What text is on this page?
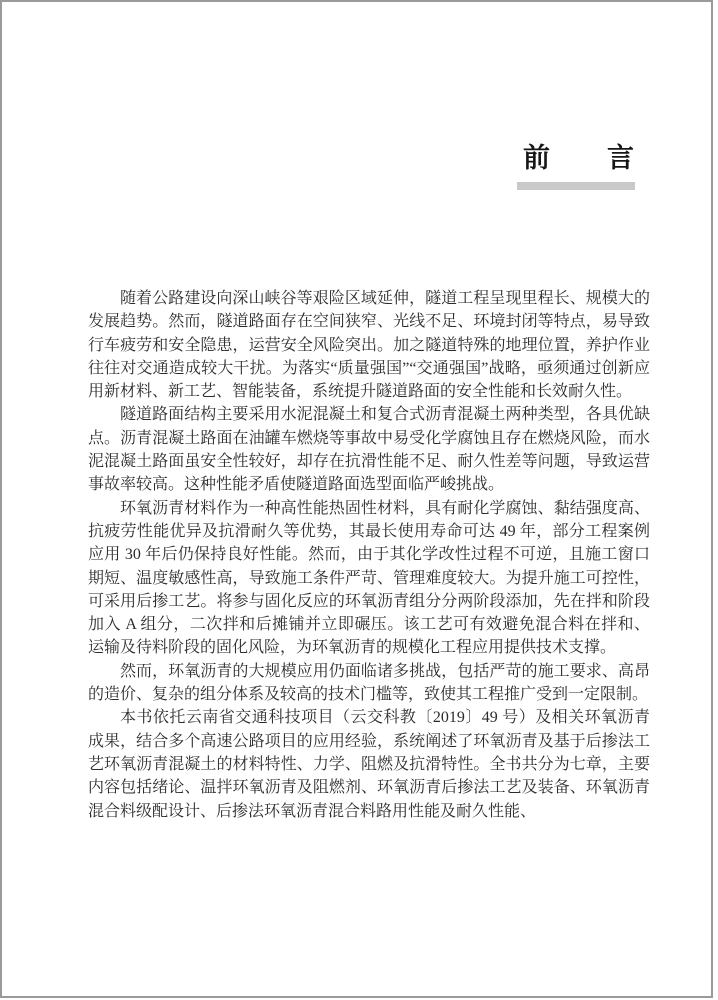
前　　言

随着公路建设向深山峡谷等艰险区域延伸，隧道工程呈现里程长、规模大的发展趋势。然而，隧道路面存在空间狭窄、光线不足、环境封闭等特点，易导致行车疲劳和安全隐患，运营安全风险突出。加之隧道特殊的地理位置，养护作业往往对交通造成较大干扰。为落实“质量强国”“交通强国”战略，亟须通过创新应用新材料、新工艺、智能装备，系统提升隧道路面的安全性能和长效耐久性。

隧道路面结构主要采用水泥混凝土和复合式沥青混凝土两种类型，各具优缺点。沥青混凝土路面在油罐车燃烧等事故中易受化学腐蚀且存在燃烧风险，而水泥混凝土路面虽安全性较好，却存在抗滑性能不足、耐久性差等问题，导致运营事故率较高。这种性能矛盾使隧道路面选型面临严峻挑战。

环氧沥青材料作为一种高性能热固性材料，具有耐化学腐蚀、黏结强度高、抗疲劳性能优异及抗滑耐久等优势，其最长使用寿命可达 49 年，部分工程案例应用 30 年后仍保持良好性能。然而，由于其化学改性过程不可逆，且施工窗口期短、温度敏感性高，导致施工条件严苛、管理难度较大。为提升施工可控性，可采用后掺工艺。将参与固化反应的环氧沥青组分分两阶段添加，先在拌和阶段加入 A 组分，二次拌和后摊铺并立即碾压。该工艺可有效避免混合料在拌和、运输及待料阶段的固化风险，为环氧沥青的规模化工程应用提供技术支撑。

然而，环氧沥青的大规模应用仍面临诸多挑战，包括严苛的施工要求、高昂的造价、复杂的组分体系及较高的技术门槛等，致使其工程推广受到一定限制。

本书依托云南省交通科技项目（云交科教〔2019〕49 号）及相关环氧沥青成果，结合多个高速公路项目的应用经验，系统阐述了环氧沥青及基于后掺法工艺环氧沥青混凝土的材料特性、力学、阻燃及抗滑特性。全书共分为七章，主要内容包括绪论、温拌环氧沥青及阻燃剂、环氧沥青后掺法工艺及装备、环氧沥青混合料级配设计、后掺法环氧沥青混合料路用性能及耐久性能、
